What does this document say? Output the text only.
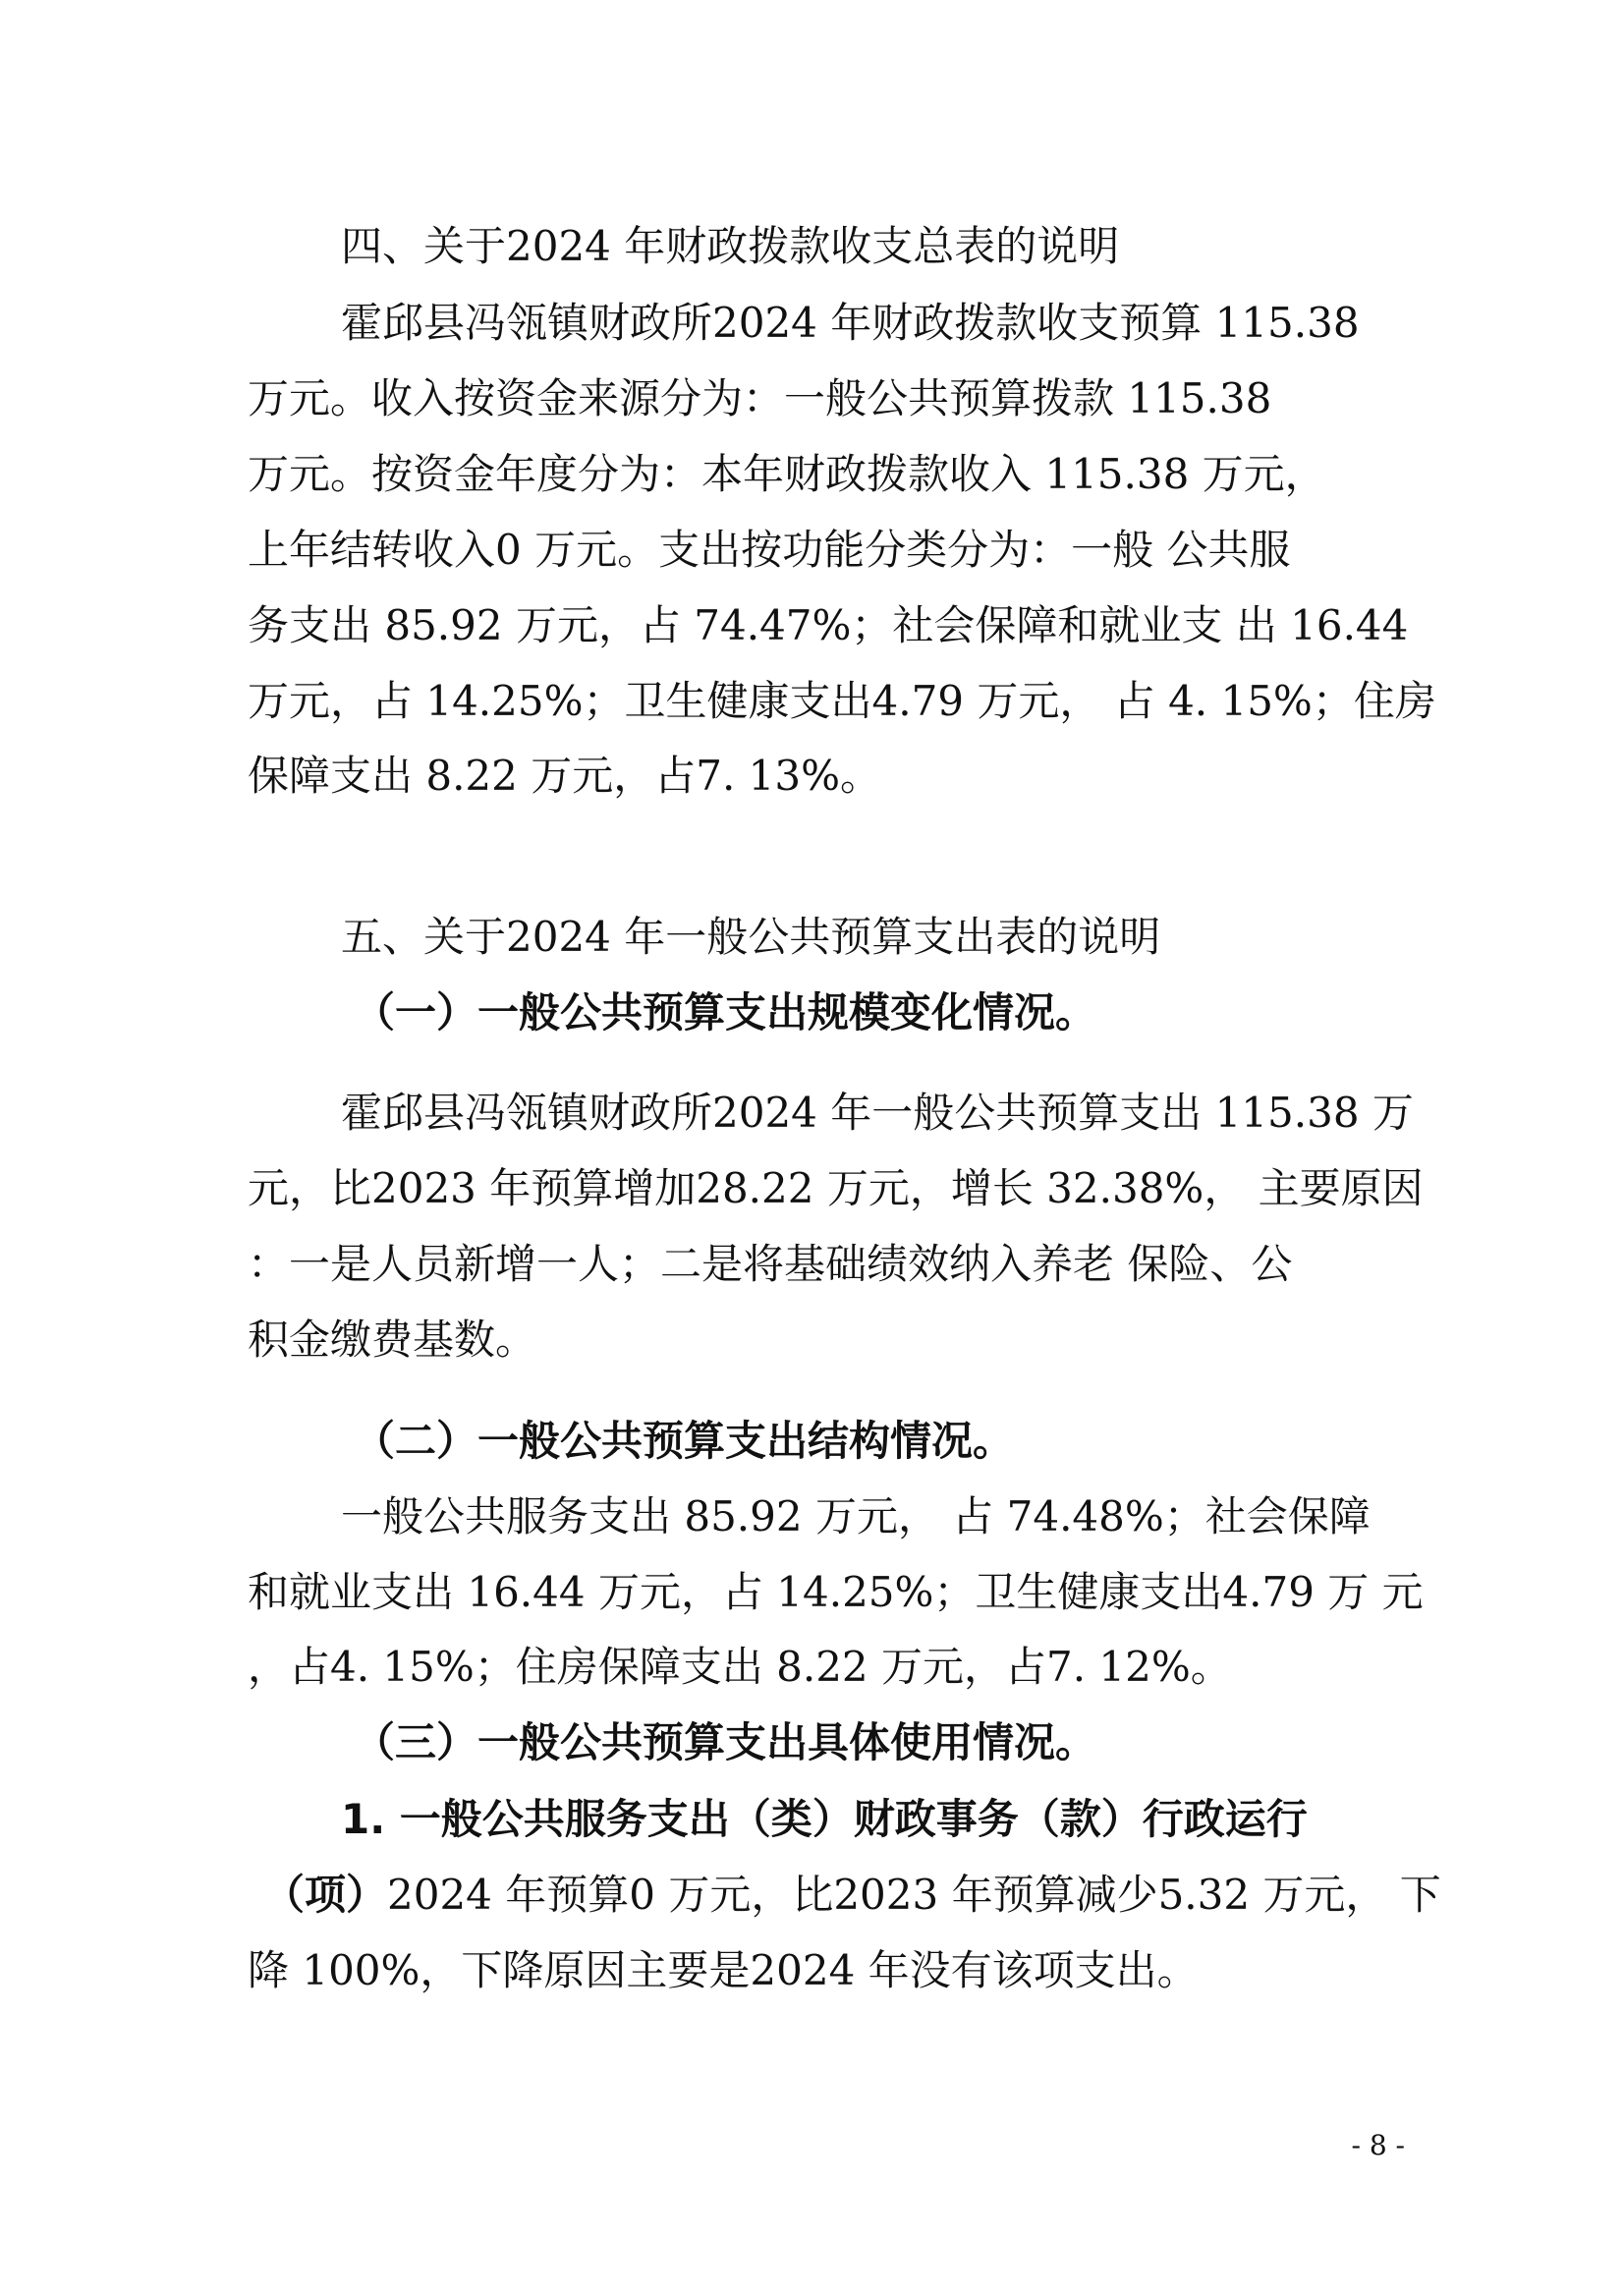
四、关于2024 年财政拨款收支总表的说明
霍邱县冯瓴镇财政所2024 年财政拨款收支预算 115.38
万元。收入按资金来源分为：一般公共预算拨款 115.38
万元。按资金年度分为：本年财政拨款收入 115.38 万元，
上年结转收入0 万元。支出按功能分类分为：一般 公共服
务支出 85.92 万元，占 74.47%；社会保障和就业支 出 16.44
万元，占 14.25%；卫生健康支出4.79 万元， 占 4. 15%；住房
保障支出 8.22 万元，占7. 13%。
五、关于2024 年一般公共预算支出表的说明
（一）一般公共预算支出规模变化情况。
霍邱县冯瓴镇财政所2024 年一般公共预算支出 115.38 万
元，比2023 年预算增加28.22 万元，增长 32.38%， 主要原因
：一是人员新增一人；二是将基础绩效纳入养老 保险、公
积金缴费基数。
（二）一般公共预算支出结构情况。
一般公共服务支出 85.92 万元， 占 74.48%；社会保障
和就业支出 16.44 万元，占 14.25%；卫生健康支出4.79 万 元
，占4. 15%；住房保障支出 8.22 万元，占7. 12%。
（三）一般公共预算支出具体使用情况。
1. 一般公共服务支出（类）财政事务（款）行政运行
（项）2024 年预算0 万元，比2023 年预算减少5.32 万元， 下
降 100%，下降原因主要是2024 年没有该项支出。
- 8 -
